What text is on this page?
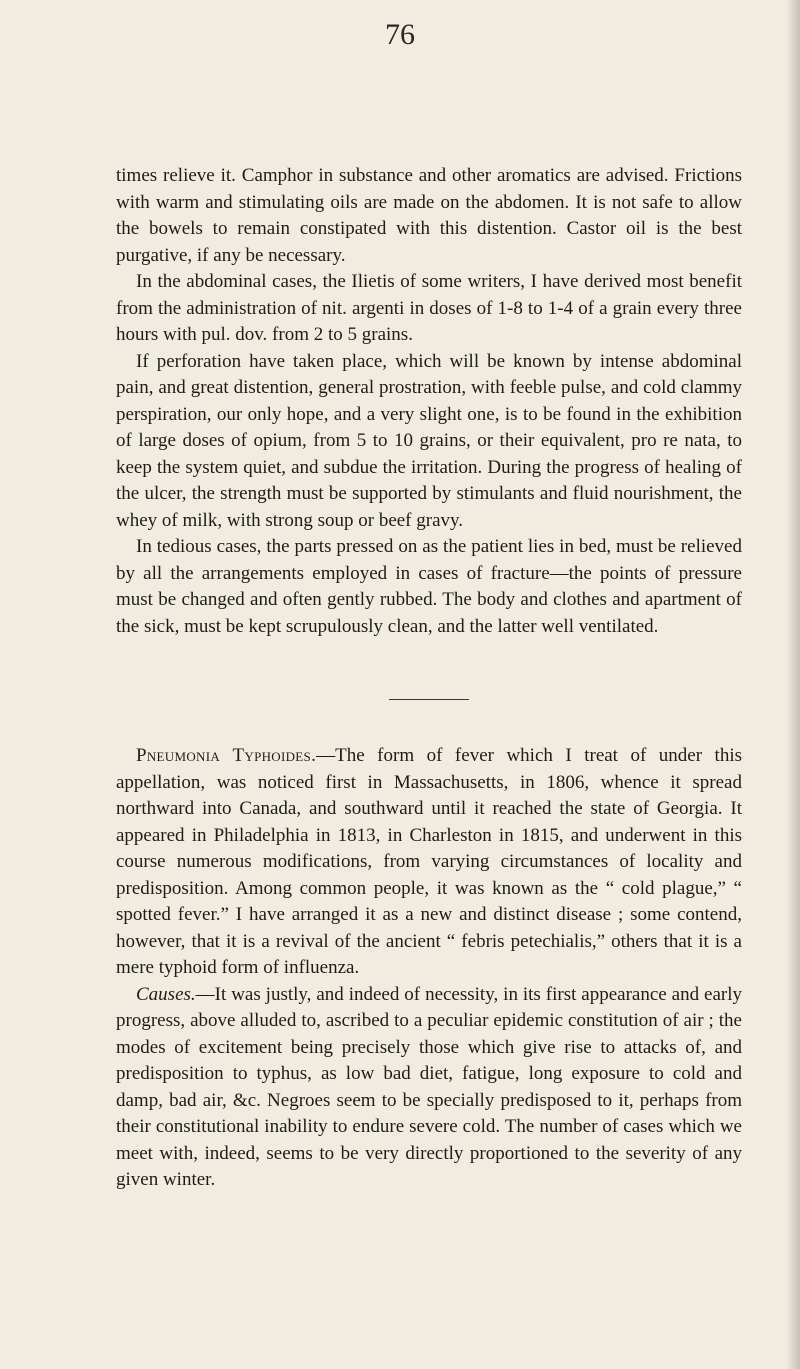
76

times relieve it. Camphor in substance and other aromatics are advised. Frictions with warm and stimulating oils are made on the abdomen. It is not safe to allow the bowels to remain constipated with this distention. Castor oil is the best purgative, if any be necessary.

In the abdominal cases, the Ilietis of some writers, I have derived most benefit from the administration of nit. argenti in doses of 1-8 to 1-4 of a grain every three hours with pul. dov. from 2 to 5 grains.

If perforation have taken place, which will be known by intense abdominal pain, and great distention, general prostration, with feeble pulse, and cold clammy perspiration, our only hope, and a very slight one, is to be found in the exhibition of large doses of opium, from 5 to 10 grains, or their equivalent, pro re nata, to keep the system quiet, and subdue the irritation. During the progress of healing of the ulcer, the strength must be supported by stimulants and fluid nourishment, the whey of milk, with strong soup or beef gravy.

In tedious cases, the parts pressed on as the patient lies in bed, must be relieved by all the arrangements employed in cases of fracture—the points of pressure must be changed and often gently rubbed. The body and clothes and apartment of the sick, must be kept scrupulously clean, and the latter well ventilated.

Pneumonia Typhoides.—The form of fever which I treat of under this appellation, was noticed first in Massachusetts, in 1806, whence it spread northward into Canada, and southward until it reached the state of Georgia. It appeared in Philadelphia in 1813, in Charleston in 1815, and underwent in this course numerous modifications, from varying circumstances of locality and predisposition. Among common people, it was known as the “ cold plague,” “ spotted fever.” I have arranged it as a new and distinct disease ; some contend, however, that it is a revival of the ancient “ febris petechialis,” others that it is a mere typhoid form of influenza.

Causes.—It was justly, and indeed of necessity, in its first appearance and early progress, above alluded to, ascribed to a peculiar epidemic constitution of air ; the modes of excitement being precisely those which give rise to attacks of, and predisposition to typhus, as low bad diet, fatigue, long exposure to cold and damp, bad air, &c. Negroes seem to be specially predisposed to it, perhaps from their constitutional inability to endure severe cold. The number of cases which we meet with, indeed, seems to be very directly proportioned to the severity of any given winter.
